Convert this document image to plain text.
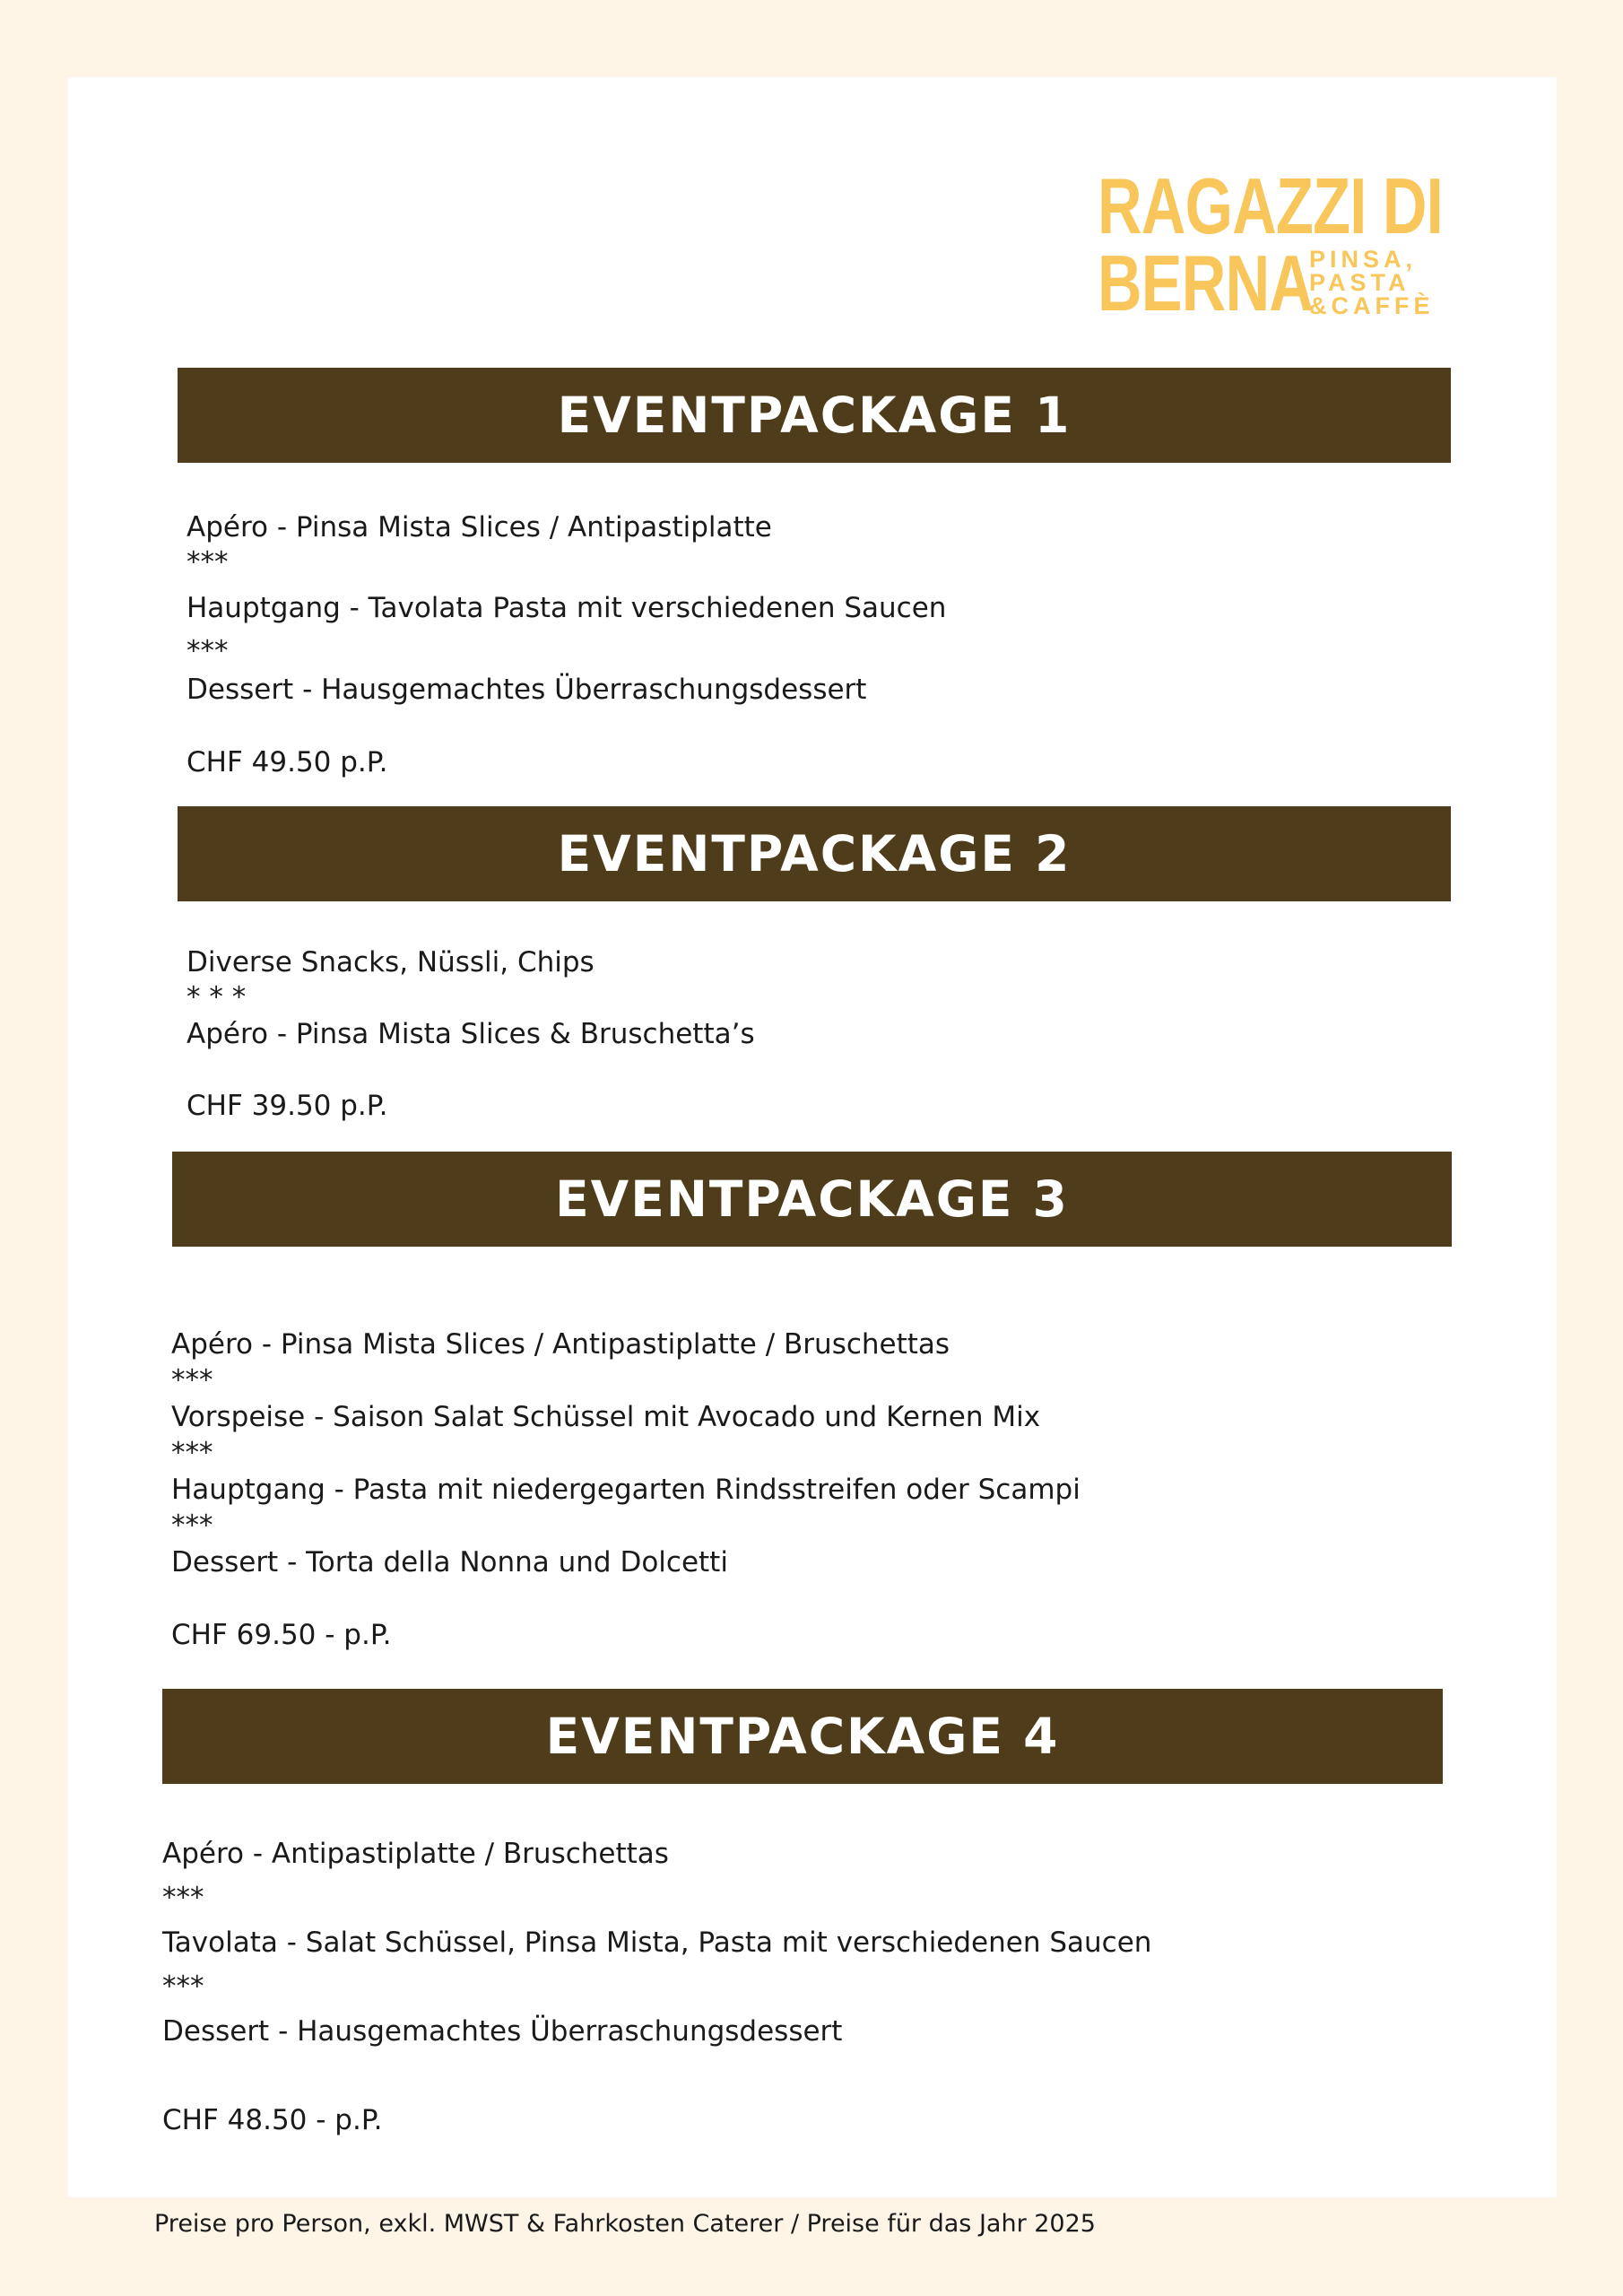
RAGAZZI DI
BERNA
PINSA,
PASTA
&CAFFÈ
EVENTPACKAGE 1
Apéro - Pinsa Mista Slices / Antipastiplatte
***
Hauptgang - Tavolata Pasta mit verschiedenen Saucen
***
Dessert - Hausgemachtes Überraschungsdessert
CHF 49.50 p.P.
EVENTPACKAGE 2
Diverse Snacks, Nüssli, Chips
* * *
Apéro - Pinsa Mista Slices & Bruschetta’s
CHF 39.50 p.P.
EVENTPACKAGE 3
Apéro - Pinsa Mista Slices / Antipastiplatte / Bruschettas
***
Vorspeise - Saison Salat Schüssel mit Avocado und Kernen Mix
***
Hauptgang - Pasta mit niedergegarten Rindsstreifen oder Scampi
***
Dessert - Torta della Nonna und Dolcetti
CHF 69.50 - p.P.
EVENTPACKAGE 4
Apéro - Antipastiplatte / Bruschettas
***
Tavolata - Salat Schüssel, Pinsa Mista, Pasta mit verschiedenen Saucen
***
Dessert - Hausgemachtes Überraschungsdessert
CHF 48.50 - p.P.
Preise pro Person, exkl. MWST & Fahrkosten Caterer / Preise für das Jahr 2025
